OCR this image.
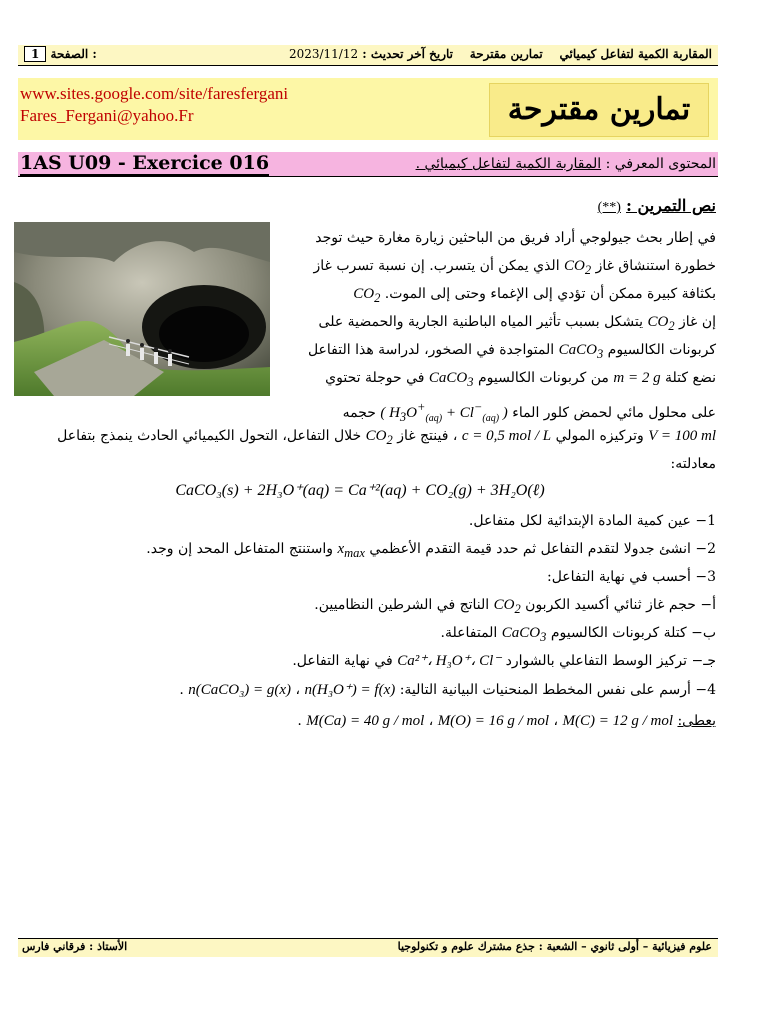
المقاربة الكمية لتفاعل كيميائي    تمارين مقترحة    تاريخ آخر تحديث : 2023/11/12
1 الصفحة :
www.sites.google.com/site/faresfergani
Fares_Fergani@yahoo.Fr	تمارين مقترحة
1AS U09 - Exercice 016	المحتوى المعرفي : المقاربة الكمية لتفاعل كيميائي .
نص التمرين : (**)
في إطار بحث جيولوجي أراد فريق من الباحثين زيارة مغارة حيث توجد
خطورة استنشاق غاز $CO_2$ الذي يمكن أن يتسرب. إن نسبة تسرب غاز
بكثافة كبيرة ممكن أن تؤدي إلى الإغماء وحتى إلى الموت. $CO_2$
إن غاز $CO_2$ يتشكل بسبب تأثير المياه الباطنية الجارية والحمضية على
كربونات الكالسيوم CaCO$_3$ المتواجدة في الصخور، لدراسة هذا التفاعل
نضع كتلة m = 2 g من كربونات الكالسيوم CaCO$_3$ في حوجلة تحتوي
على محلول مائي لحمض كلور الماء ( $H_3O^+_{(aq)} + Cl^-_{(aq)}$ ) حجمه
V = 100 ml وتركيزه المولي c = 0,5 mol / L ، فينتج غاز $CO_2$ خلال التفاعل، التحول الكيميائي الحادث ينمذج بتفاعل
معادلته:
CaCO₃(s) + 2H₃O⁺(aq) = Ca⁺²(aq) + CO₂(g) + 3H₂O(ℓ)
1− عين كمية المادة الإبتدائية لكل متفاعل.
2− انشئ جدولا لتقدم التفاعل ثم حدد قيمة التقدم الأعظمي $x_{max}$ واستنتج المتفاعل المحد إن وجد.
3− أحسب في نهاية التفاعل:
أ− حجم غاز ثنائي أكسيد الكربون $CO_2$ الناتج في الشرطين النظاميين.
ب− كتلة كربونات الكالسيوم CaCO$_3$ المتفاعلة.
جـ− تركيز الوسط التفاعلي بالشوارد Ca²⁺، H₃O⁺، Cl⁻ في نهاية التفاعل.
4− أرسم على نفس المخطط المنحنيات البيانية التالية: n(H₃O⁺) = f(x) ، n(CaCO₃) = g(x) .
يعطى: M(C) = 12 g / mol ، M(O) = 16 g / mol ، M(Ca) = 40 g / mol .
علوم فيزيائية – أولى ثانوي – الشعبة : جذع مشترك علوم و تكنولوجيا
الأستاذ : فرقاني فارس
